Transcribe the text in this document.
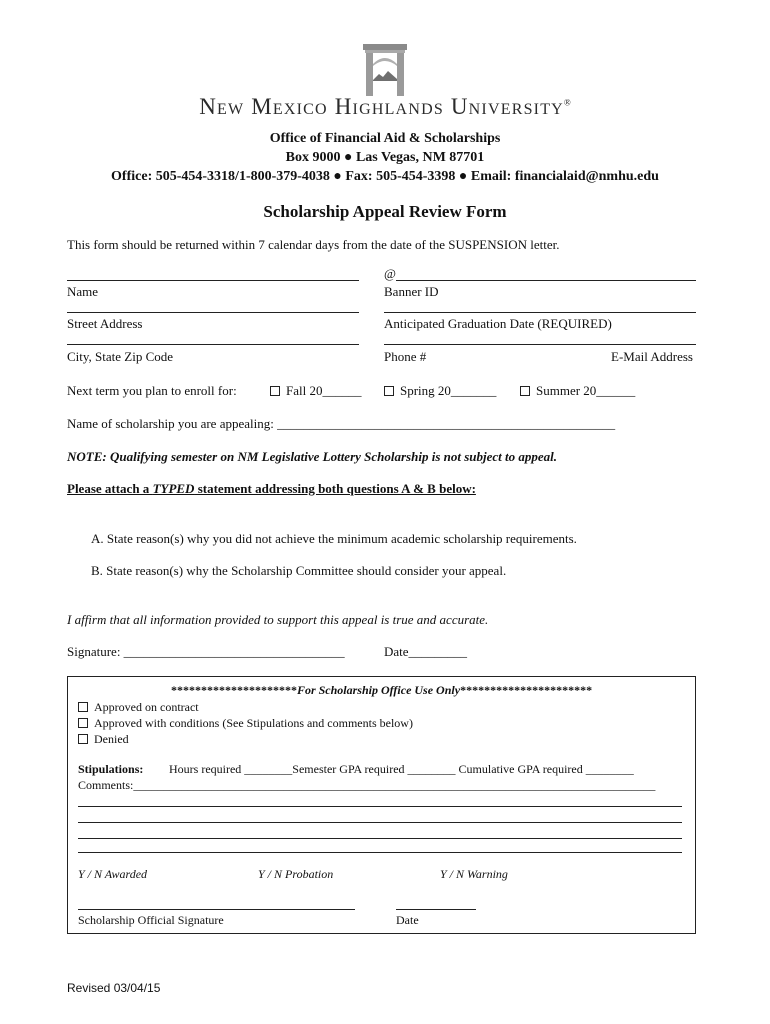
New Mexico Highlands University®
Office of Financial Aid & Scholarships
Box 9000 ● Las Vegas, NM 87701
Office: 505-454-3318/1-800-379-4038 ● Fax: 505-454-3398 ● Email: financialaid@nmhu.edu
Scholarship Appeal Review Form
This form should be returned within 7 calendar days from the date of the SUSPENSION letter.
@
Name	Banner ID
Street Address	Anticipated Graduation Date (REQUIRED)
City, State Zip Code	Phone #	E-Mail Address
Next term you plan to enroll for:	Fall 20______	Spring 20_______	Summer 20______
Name of scholarship you are appealing: ____________________________________________________
NOTE: Qualifying semester on NM Legislative Lottery Scholarship is not subject to appeal.
Please attach a TYPED statement addressing both questions A & B below:
A. State reason(s) why you did not achieve the minimum academic scholarship requirements.
B. State reason(s) why the Scholarship Committee should consider your appeal.
I affirm that all information provided to support this appeal is true and accurate.
Signature: __________________________________	Date_________
*********************For Scholarship Office Use Only**********************
Approved on contract
Approved with conditions (See Stipulations and comments below)
Denied
Stipulations: Hours required ________Semester GPA required ________ Cumulative GPA required ________
Comments:_______________________________________________________________________________________
Y / N Awarded	Y / N Probation	Y / N Warning
Scholarship Official Signature	Date
Revised 03/04/15
